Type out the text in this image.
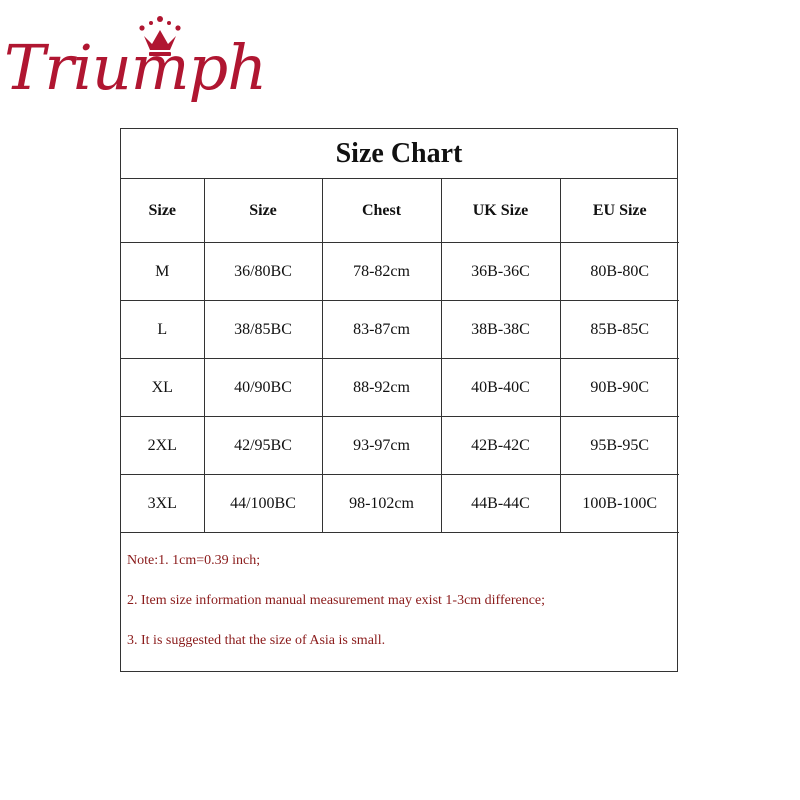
Triumph
Size Chart
Size	Size	Chest	UK Size	EU Size
M	36/80BC	78-82cm	36B-36C	80B-80C
L	38/85BC	83-87cm	38B-38C	85B-85C
XL	40/90BC	88-92cm	40B-40C	90B-90C
2XL	42/95BC	93-97cm	42B-42C	95B-95C
3XL	44/100BC	98-102cm	44B-44C	100B-100C
Note:1. 1cm=0.39 inch;
2. Item size information manual measurement may exist 1-3cm difference;
3. It is suggested that the size of Asia is small.
